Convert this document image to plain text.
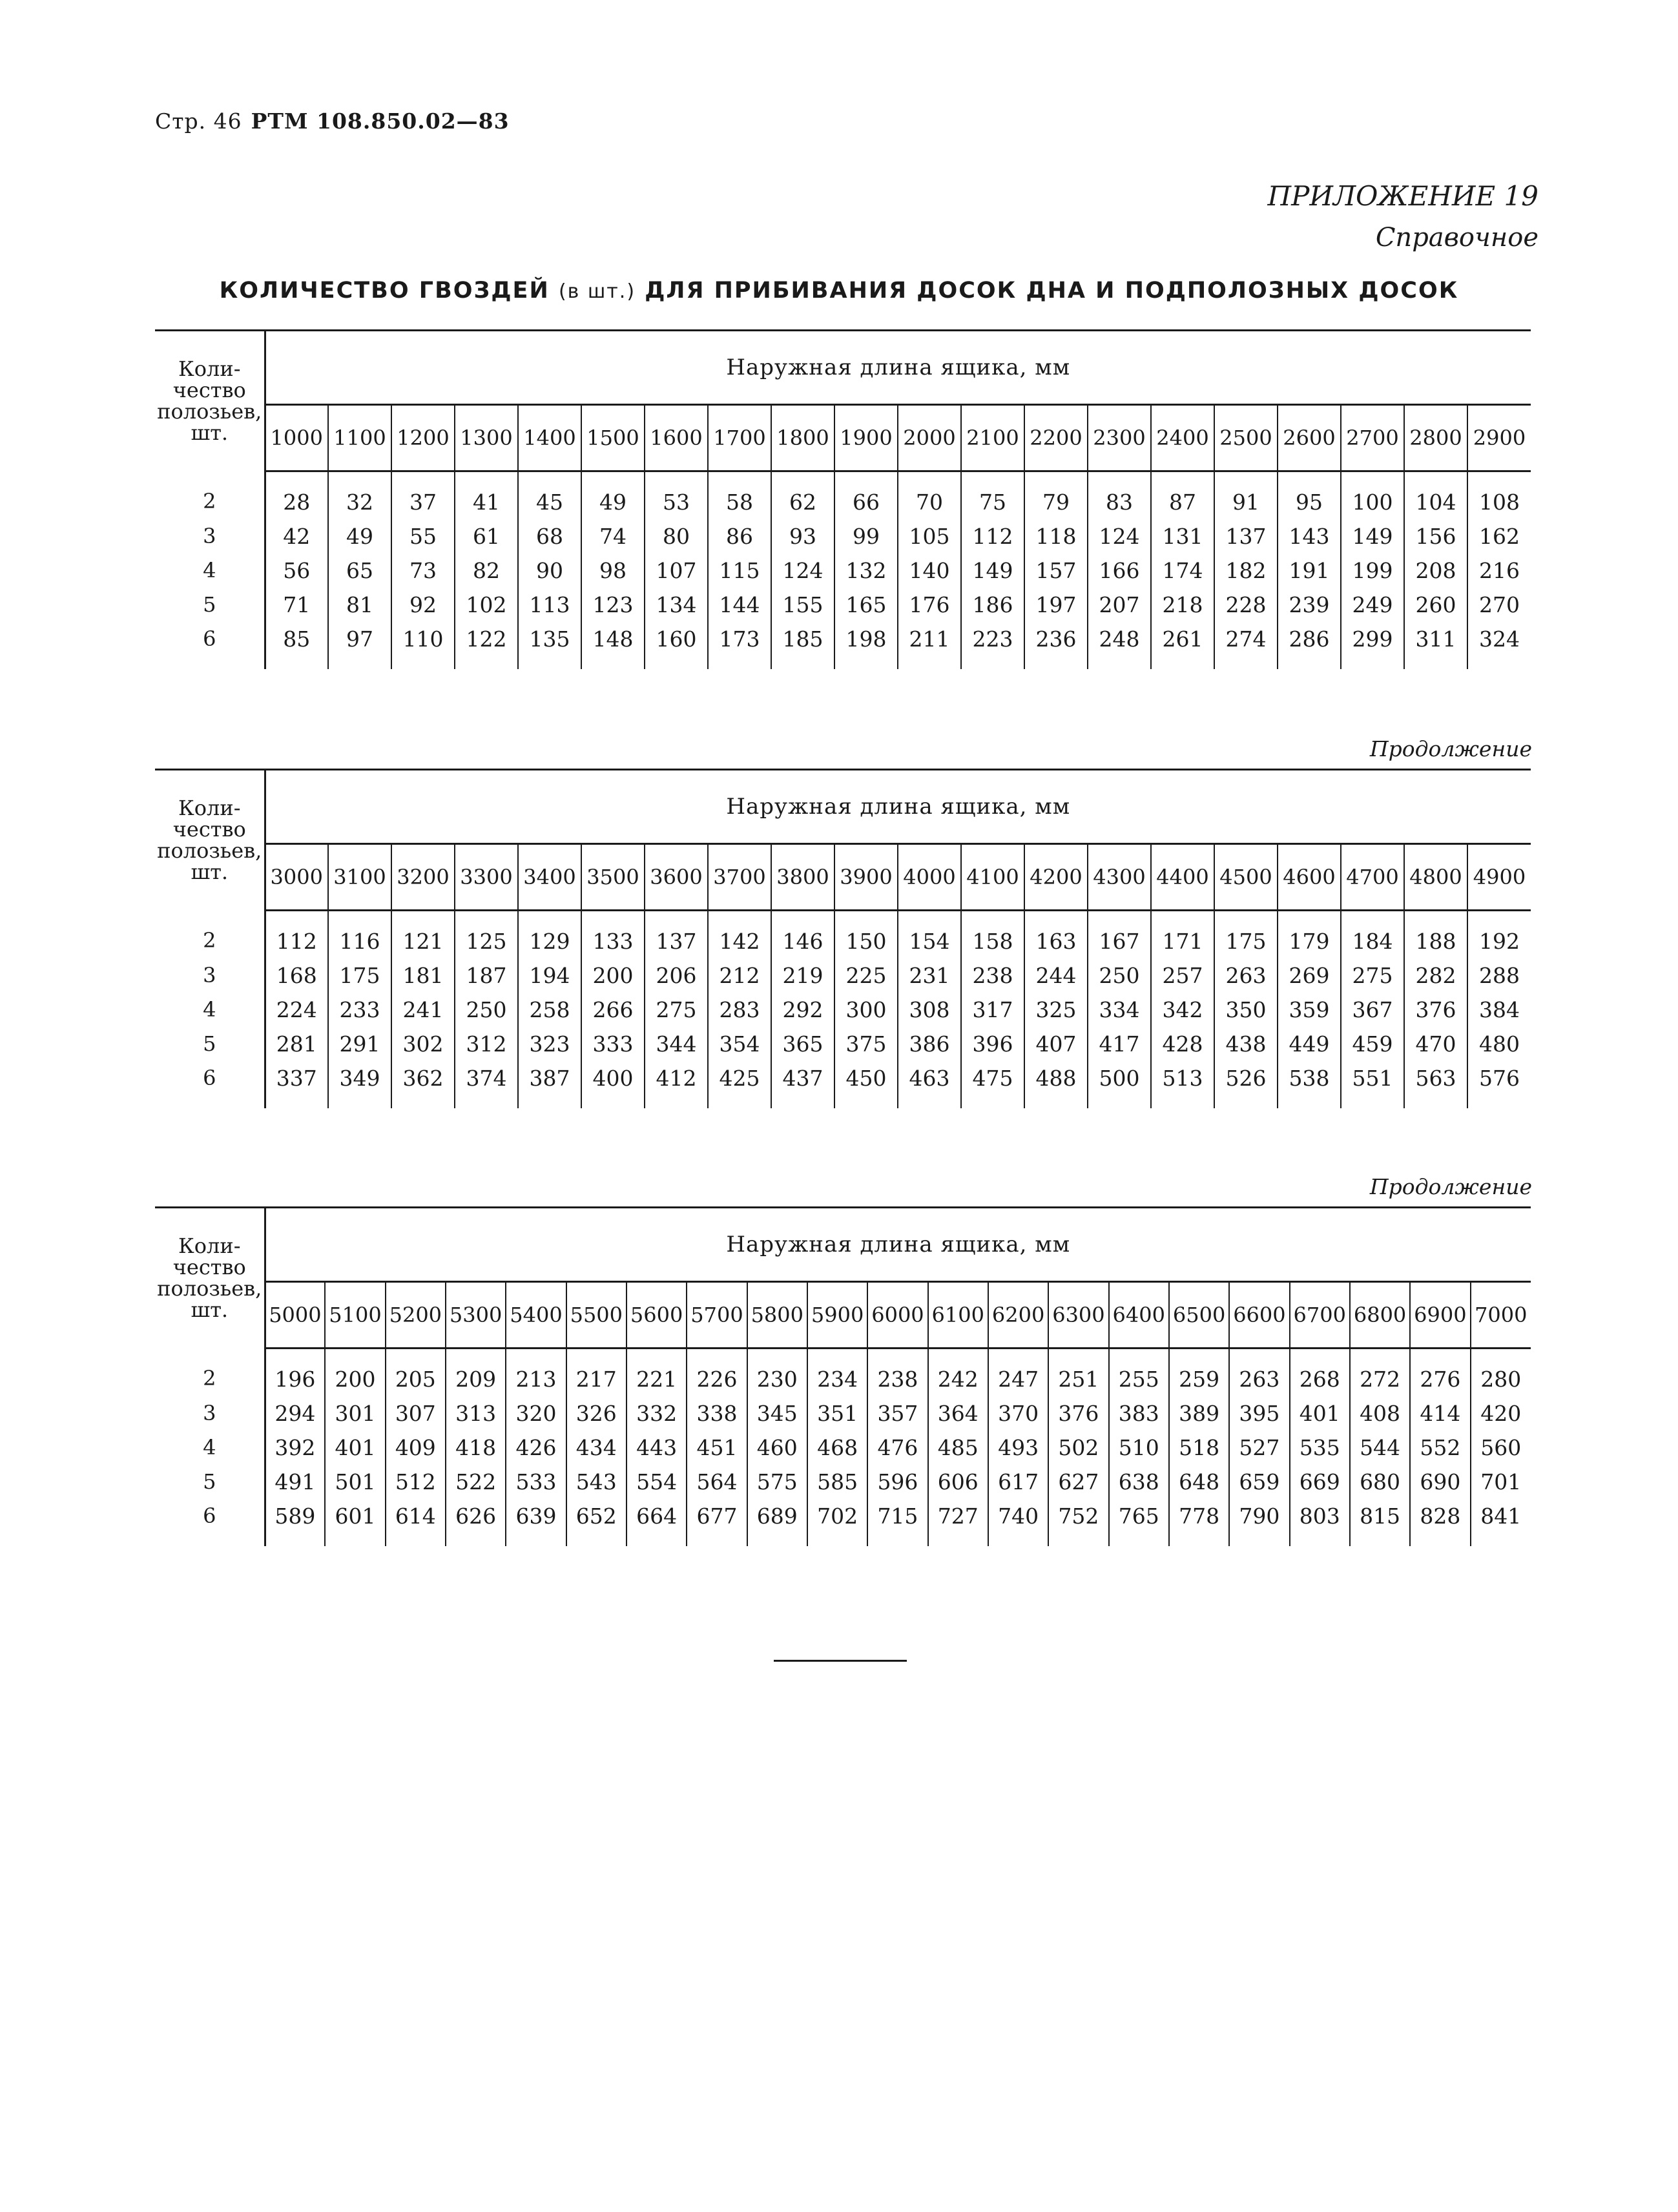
Стр. 46 РТМ 108.850.02—83
ПРИЛОЖЕНИЕ 19
Справочное
КОЛИЧЕСТВО ГВОЗДЕЙ (в шт.) ДЛЯ ПРИБИВАНИЯ ДОСОК ДНА И ПОДПОЛОЗНЫХ ДОСОК
Коли-
чество
полозьев,
шт.	Наружная длина ящика, мм																			
	1000	1100	1200	1300	1400	1500	1600	1700	1800	1900	2000	2100	2200	2300	2400	2500	2600	2700	2800	2900
2	28	32	37	41	45	49	53	58	62	66	70	75	79	83	87	91	95	100	104	108
3	42	49	55	61	68	74	80	86	93	99	105	112	118	124	131	137	143	149	156	162
4	56	65	73	82	90	98	107	115	124	132	140	149	157	166	174	182	191	199	208	216
5	71	81	92	102	113	123	134	144	155	165	176	186	197	207	218	228	239	249	260	270
6	85	97	110	122	135	148	160	173	185	198	211	223	236	248	261	274	286	299	311	324
Продолжение
Коли-
чество
полозьев,
шт.	Наружная длина ящика, мм																			
	3000	3100	3200	3300	3400	3500	3600	3700	3800	3900	4000	4100	4200	4300	4400	4500	4600	4700	4800	4900
2	112	116	121	125	129	133	137	142	146	150	154	158	163	167	171	175	179	184	188	192
3	168	175	181	187	194	200	206	212	219	225	231	238	244	250	257	263	269	275	282	288
4	224	233	241	250	258	266	275	283	292	300	308	317	325	334	342	350	359	367	376	384
5	281	291	302	312	323	333	344	354	365	375	386	396	407	417	428	438	449	459	470	480
6	337	349	362	374	387	400	412	425	437	450	463	475	488	500	513	526	538	551	563	576
Продолжение
Коли-
чество
полозьев,
шт.	Наружная длина ящика, мм																				
	5000	5100	5200	5300	5400	5500	5600	5700	5800	5900	6000	6100	6200	6300	6400	6500	6600	6700	6800	6900	7000
2	196	200	205	209	213	217	221	226	230	234	238	242	247	251	255	259	263	268	272	276	280
3	294	301	307	313	320	326	332	338	345	351	357	364	370	376	383	389	395	401	408	414	420
4	392	401	409	418	426	434	443	451	460	468	476	485	493	502	510	518	527	535	544	552	560
5	491	501	512	522	533	543	554	564	575	585	596	606	617	627	638	648	659	669	680	690	701
6	589	601	614	626	639	652	664	677	689	702	715	727	740	752	765	778	790	803	815	828	841
